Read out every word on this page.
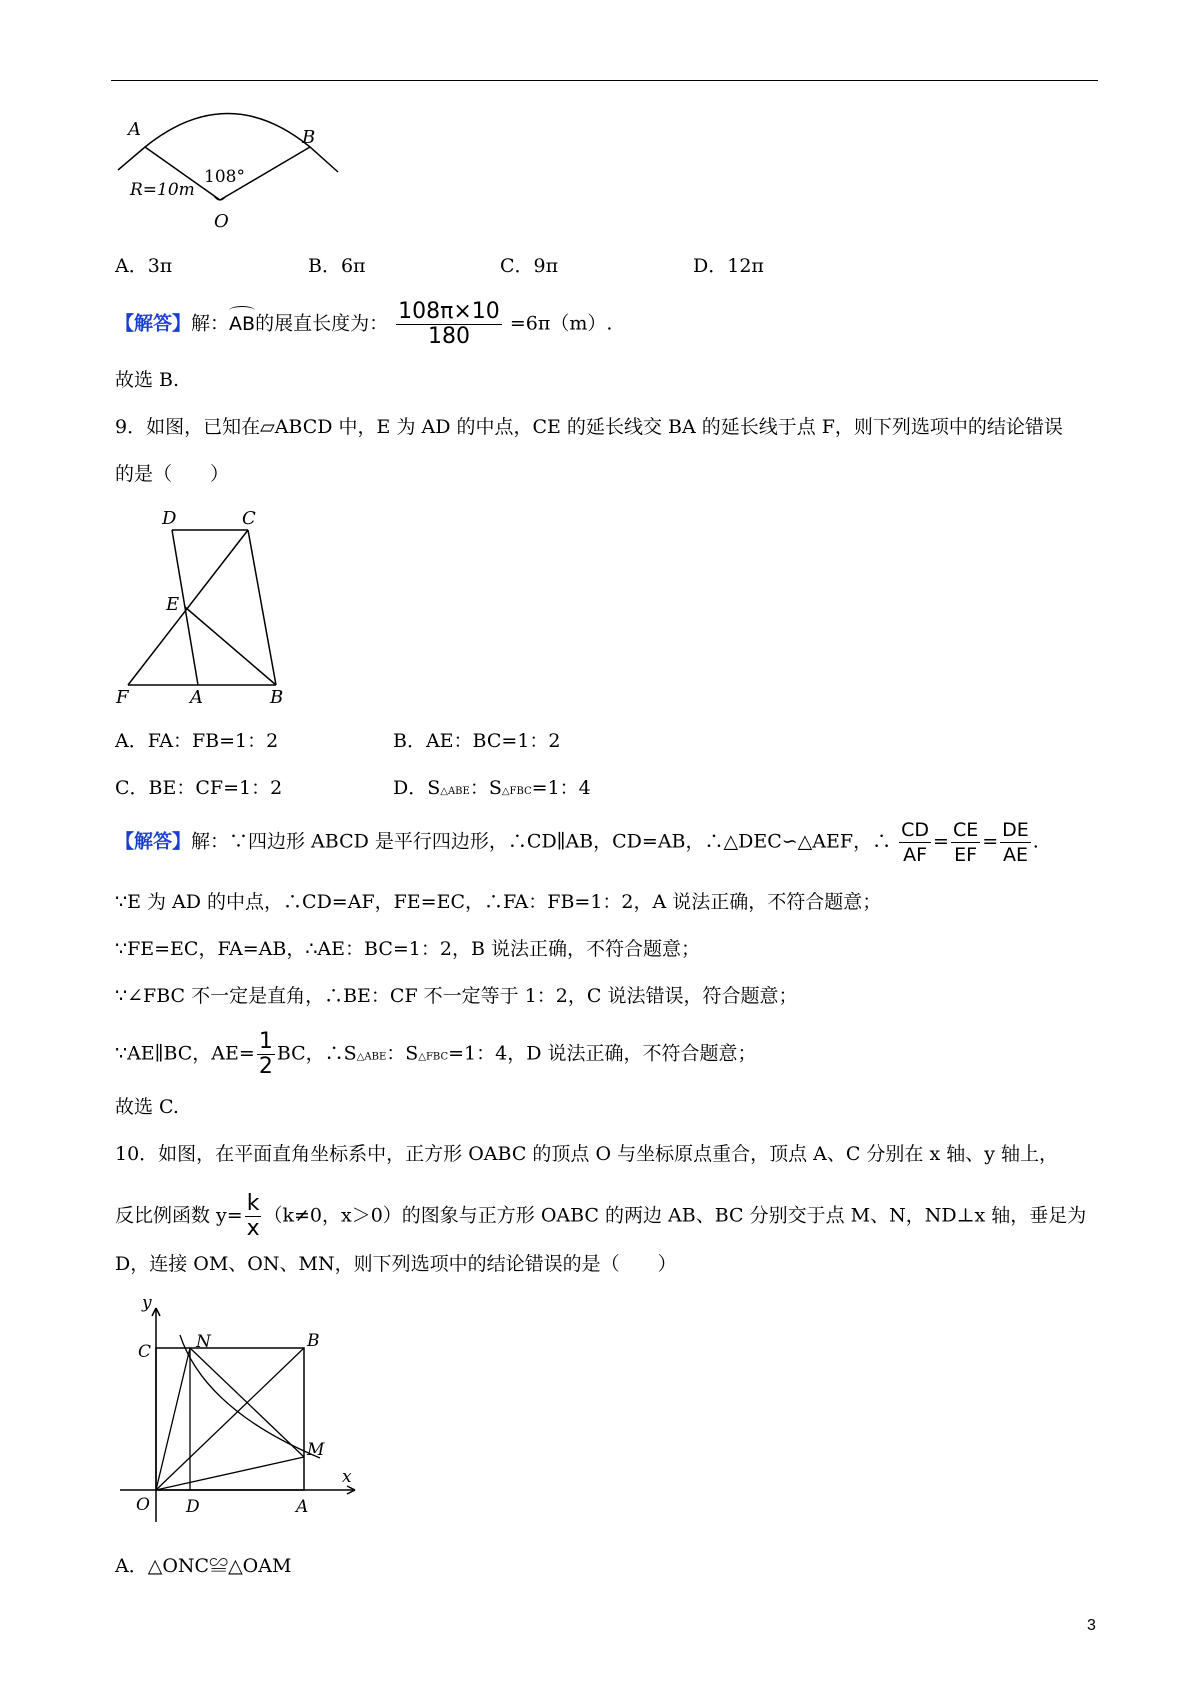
A	B
O
R=10m
108°
A．3π	B．6π	C．9π	D．12π
【解答】解：AB的展直长度为： $\frac{108\pi\times 10}{180} =6\pi(m)$.
故选 B.
9．如图，已知在▱ABCD 中，E 为 AD 的中点，CE 的延长线交 BA 的延长线于点 F，则下列选项中的结论错误
的是（　　）
D	C
E
F	A	B
A．FA：FB=1：2	B．AE：BC=1：2
C．BE：CF=1：2	D．S△ABE：S△FBC=1：4
【解答】解：∵四边形 ABCD 是平行四边形，∴CD∥AB，CD=AB，∴△DEC∽△AEF，∴ $\frac{CD}{AF} = \frac{CE}{EF} = \frac{DE}{AE}$ .
∵E 为 AD 的中点，∴CD=AF，FE=EC，∴FA：FB=1：2，A 说法正确，不符合题意；
∵FE=EC，FA=AB，∴AE：BC=1：2，B 说法正确，不符合题意；
∵∠FBC 不一定是直角，∴BE：CF 不一定等于 1：2，C 说法错误，符合题意；
∵AE∥BC，$AE= \frac{1}{2}$ BC，∴S△ABE：S△FBC=1：4，D 说法正确，不符合题意；
故选 C.
10．如图，在平面直角坐标系中，正方形 OABC 的顶点 O 与坐标原点重合，顶点 A、C 分别在 x 轴、y 轴上，
反比例函数 $y= \frac{k}{x} (k\ne 0$，x＞0）的图象与正方形 OABC 的两边 AB、BC 分别交于点 M、N，ND⊥x 轴，垂足为
D，连接 OM、ON、MN，则下列选项中的结论错误的是（　　）
y
x
C	N	B
M
O D	A
A．△ONC≌△OAM
3
